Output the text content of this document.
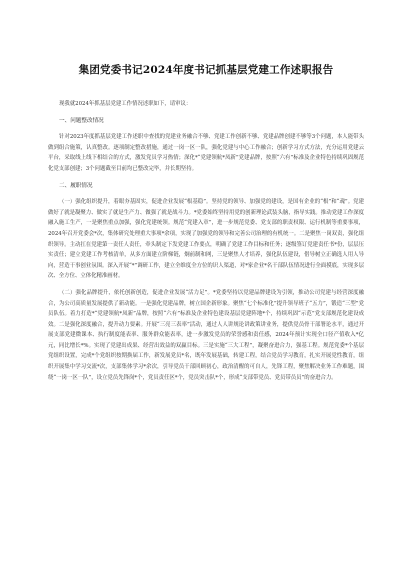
集团党委书记2024年度书记抓基层党建工作述职报告

现我就2024年抓基层党建工作情况述职如下，请审议：

一、问题整改情况

针对2023年度抓基层党建工作述职中查找的党建业务融合不够、党建工作创新不够、党建品牌创建不够等3个问题，本人能带头做到组合施策，认真整改。逐项制定整改措施，通过一岗一区一队，强化党建与中心工作融合；创新学习方式方法，充分运用党建云平台，采取线上线下相结合的方式，激发党员学习热情；深化*“党建领航*凤新”党建品牌，按照“六有”标准及企业特色持续巩固规范化党支部创建；3个问题截至目前均已整改完毕，并长期坚持。

二、履职情况

（一）强化组织提升，着眼夯基固实，促进企业发展“根基稳”。坚持党的领导、加强党的建设，是国有企业的“根”和“魂”。党建做好了就是凝聚力、做实了就是生产力、做强了就是战斗力。*党委始终坚持用党的创新理论武装头脑，指导实践。推动党建工作深度融入施工生产，一是聚焦重点加强，强化党建统领。规范“党建入章”，进一步规范党委、党支部的职责权限、运行机制等重要事项，2024年召开党委会*次，集体研究处理重大事项*余项，实现了加强党的领导和完善公司治理的有机统一。二是聚焦一岗双责，强化组织领导。主动扛在党建第一责任人责任，牵头制定下发党建工作要点，明确了党建工作目标和任务；逐级签订党建责任书*份，层层压实责任；建立党建工作考核清单，从多方面建立阶梯链，炯前制和网，三是聚焦人才培养，强化队伍建设，借导树立正确选人用人导向，营造干事创业氛围。深入开展“*”调研工作，建立全维度全方位的识人渠道，对*家企业*名干部队伍情况进行全面摸底，实现多层次、全方位、立体化精准画材。

（二）强化品牌提升，依托创新创造，促进企业发展“活力足”。*党委坚持以党建品牌建设为引领，推动公司党建与经营深度融合，为公司高质量发展提供了新动能。一是强化党建品牌，树立国企新形象。聚焦“七个标准化”提升领导班子“五力”，锻造“三型”党员队伍。着力打造*“党建领航*凤新”品牌，按照“六有”标准及企业特色建设基层党建阵地*个，持续巩固“示范”党支部规范化建设成效。二是强化深度融合，提升动力要素。开展“三亮三表率”活动，通过人人讲规论讲政策讲业务，提供党员骨干部署论水平，通过开展支部党建微课本、执行制度能表率、服务群众能表率，进一步激发党员的荣誉感和责任感，2024年预计实现全口径产值收入*亿元，同比增长*%。实现了党建出成果、经营出效益的双赢目标。三是实施“三大工程”，凝聚奋进合力，强基工程。规范党委*个基层党组织设置，完成*个党组织按期换届工作，新发展党员*名，既年发展基础，转建工程，结合党员学习教育，扎实开展党性教育，组织开展集中学习交流*次，支部集体学习*余次，引导党员干部回顾初心，政治清醒的可自人，先锋工程，聚焦解决业务工作难题，围绕“一岗一区一队”，设立党员先锋岗*个，党员责任区*个，党员突击队*个，形成“支部带党员、党员带员员”的奋进合力。
